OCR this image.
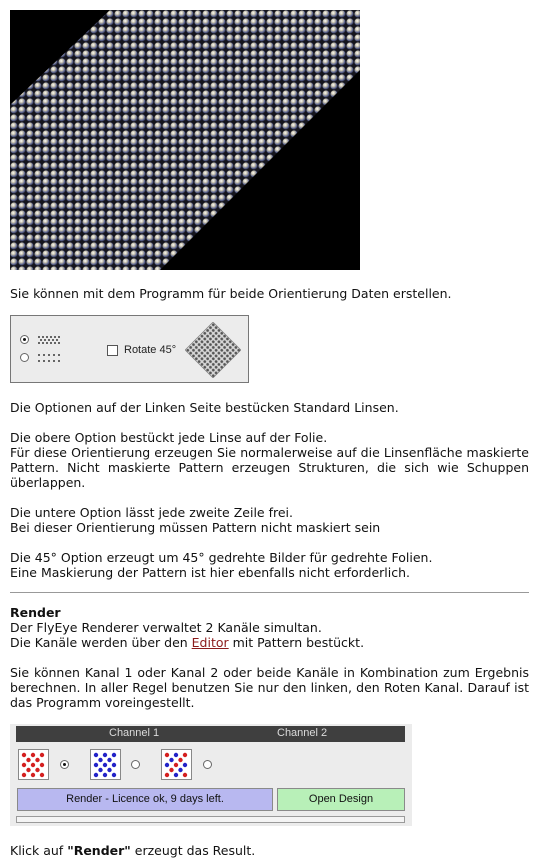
Sie können mit dem Programm für beide Orientierung Daten erstellen.

Rotate 45°

Die Optionen auf der Linken Seite bestücken Standard Linsen.

Die obere Option bestückt jede Linse auf der Folie.

Für diese Orientierung erzeugen Sie normalerweise auf die Linsenfläche maskierte Pattern. Nicht maskierte Pattern erzeugen Strukturen, die sich wie Schuppen überlappen.

Die untere Option lässt jede zweite Zeile frei.

Bei dieser Orientierung müssen Pattern nicht maskiert sein

Die 45° Option erzeugt um 45° gedrehte Bilder für gedrehte Folien.

Eine Maskierung der Pattern ist hier ebenfalls nicht erforderlich.

Render

Der FlyEye Renderer verwaltet 2 Kanäle simultan.

Die Kanäle werden über den Editor mit Pattern bestückt.

Sie können Kanal 1 oder Kanal 2 oder beide Kanäle in Kombination zum Ergebnis berechnen. In aller Regel benutzen Sie nur den linken, den Roten Kanal. Darauf ist das Programm voreingestellt.

Channel 1	Channel 2
Render - Licence ok, 9 days left.	Open Design

Klick auf "Render" erzeugt das Result.
